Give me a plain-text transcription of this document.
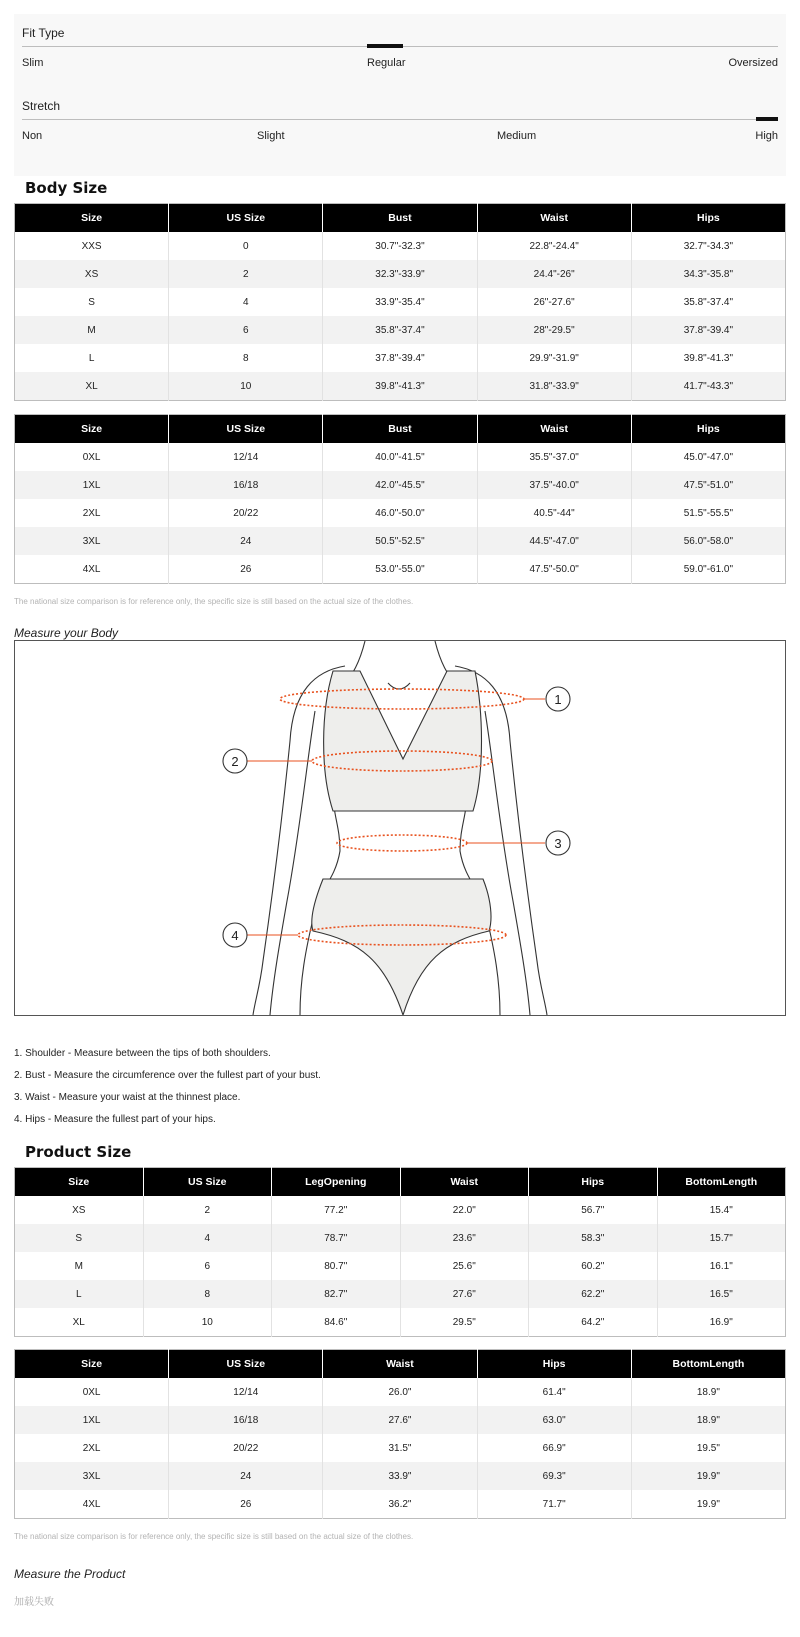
Fit Type
Slim	Regular	Oversized
Stretch
Non	Slight	Medium	High
Body Size
Size	US Size	Bust	Waist	Hips
XXS	0	30.7"-32.3"	22.8"-24.4"	32.7"-34.3"
XS	2	32.3"-33.9"	24.4"-26"	34.3"-35.8"
S	4	33.9"-35.4"	26"-27.6"	35.8"-37.4"
M	6	35.8"-37.4"	28"-29.5"	37.8"-39.4"
L	8	37.8"-39.4"	29.9"-31.9"	39.8"-41.3"
XL	10	39.8"-41.3"	31.8"-33.9"	41.7"-43.3"
Size	US Size	Bust	Waist	Hips
0XL	12/14	40.0"-41.5"	35.5"-37.0"	45.0"-47.0"
1XL	16/18	42.0"-45.5"	37.5"-40.0"	47.5"-51.0"
2XL	20/22	46.0"-50.0"	40.5"-44"	51.5"-55.5"
3XL	24	50.5"-52.5"	44.5"-47.0"	56.0"-58.0"
4XL	26	53.0"-55.0"	47.5"-50.0"	59.0"-61.0"
The national size comparison is for reference only, the specific size is still based on the actual size of the clothes.
Measure your Body
1
2
3
4
1. Shoulder - Measure between the tips of both shoulders.
2. Bust - Measure the circumference over the fullest part of your bust.
3. Waist - Measure your waist at the thinnest place.
4. Hips - Measure the fullest part of your hips.
Product Size
Size	US Size	LegOpening	Waist	Hips	BottomLength
XS	2	77.2"	22.0"	56.7"	15.4"
S	4	78.7"	23.6"	58.3"	15.7"
M	6	80.7"	25.6"	60.2"	16.1"
L	8	82.7"	27.6"	62.2"	16.5"
XL	10	84.6"	29.5"	64.2"	16.9"
Size	US Size	Waist	Hips	BottomLength
0XL	12/14	26.0"	61.4"	18.9"
1XL	16/18	27.6"	63.0"	18.9"
2XL	20/22	31.5"	66.9"	19.5"
3XL	24	33.9"	69.3"	19.9"
4XL	26	36.2"	71.7"	19.9"
The national size comparison is for reference only, the specific size is still based on the actual size of the clothes.
Measure the Product
加载失败
